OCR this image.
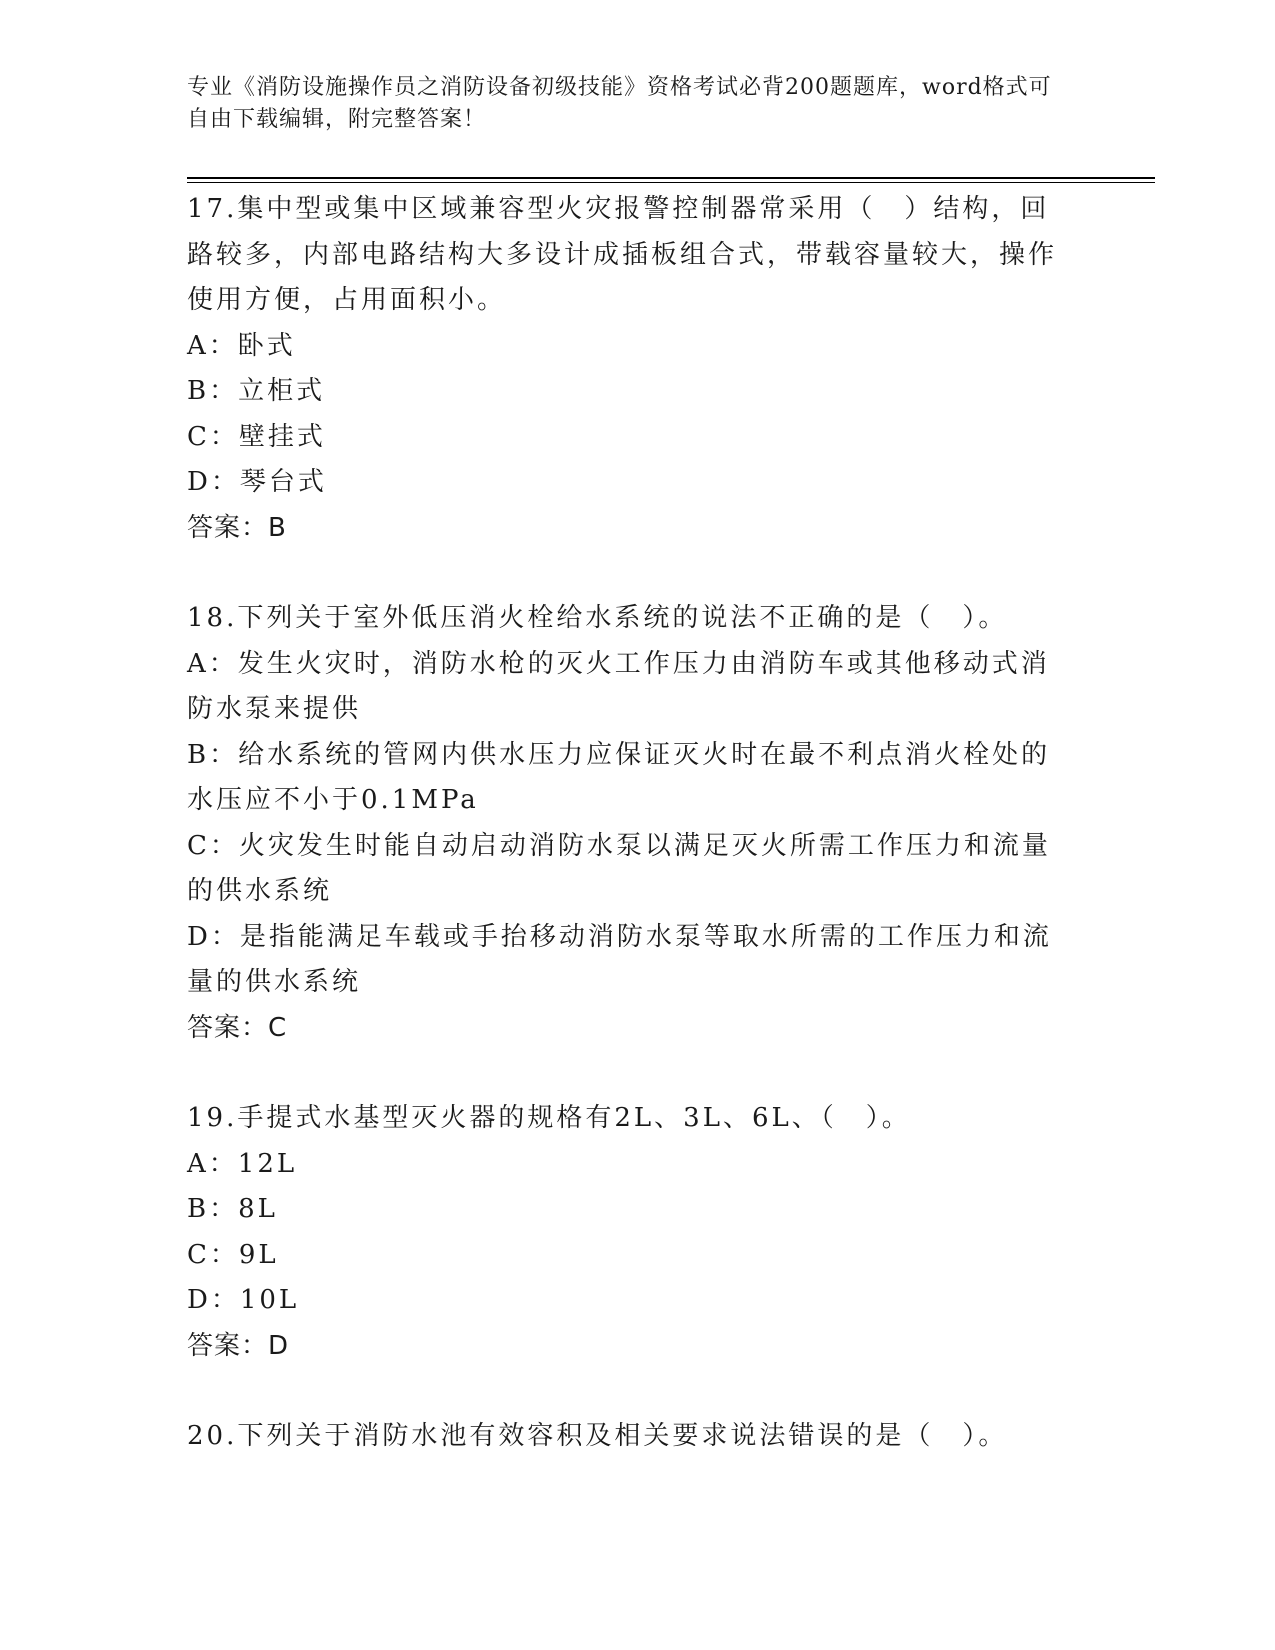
专业《消防设施操作员之消防设备初级技能》资格考试必背200题题库，word格式可自由下载编辑，附完整答案！

17.集中型或集中区域兼容型火灾报警控制器常采用（　）结构，回路较多，内部电路结构大多设计成插板组合式，带载容量较大，操作使用方便，占用面积小。

A：卧式

B：立柜式

C：壁挂式

D：琴台式

答案：B

18.下列关于室外低压消火栓给水系统的说法不正确的是（　）。

A：发生火灾时，消防水枪的灭火工作压力由消防车或其他移动式消防水泵来提供

B：给水系统的管网内供水压力应保证灭火时在最不利点消火栓处的水压应不小于0.1MPa

C：火灾发生时能自动启动消防水泵以满足灭火所需工作压力和流量的供水系统

D：是指能满足车载或手抬移动消防水泵等取水所需的工作压力和流量的供水系统

答案：C

19.手提式水基型灭火器的规格有2L、3L、6L、（　）。

A：12L

B：8L

C：9L

D：10L

答案：D

20.下列关于消防水池有效容积及相关要求说法错误的是（　）。
